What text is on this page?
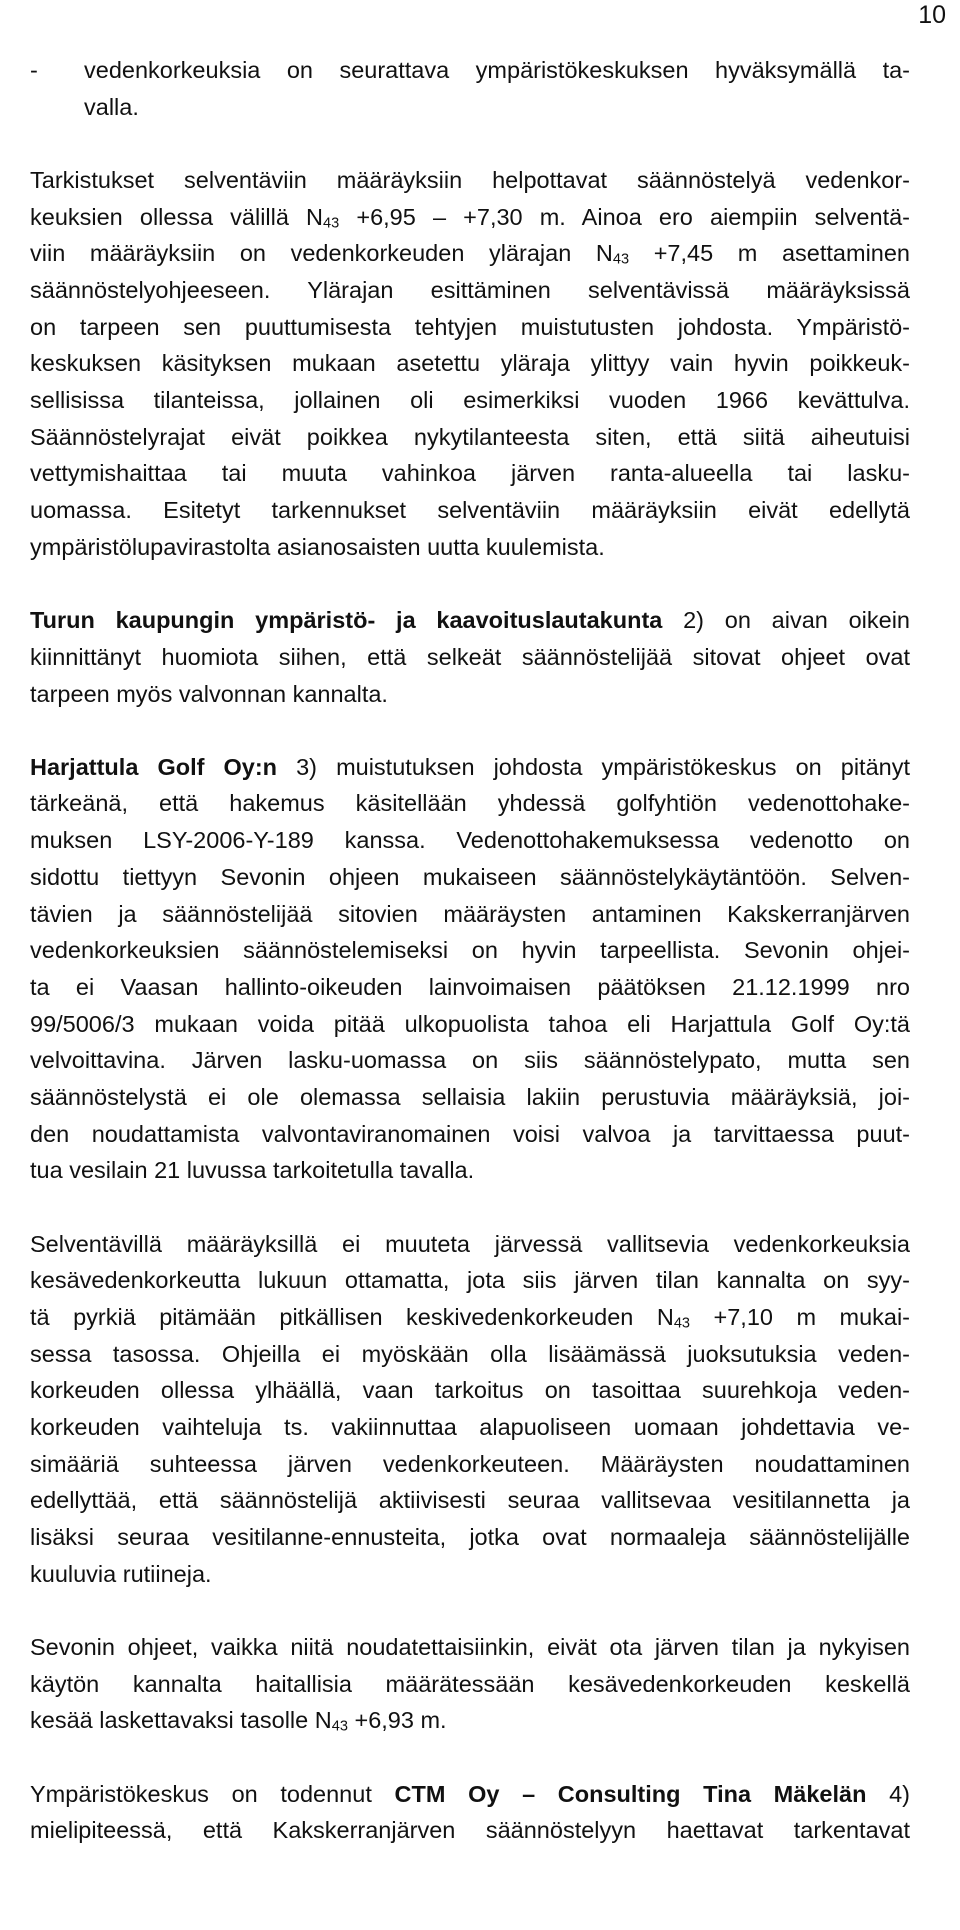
10
-	vedenkorkeuksia on seurattava ympäristökeskuksen hyväksymällä ta-
valla.
Tarkistukset selventäviin määräyksiin helpottavat säännöstelyä vedenkor-
keuksien ollessa välillä $N_{43} +6,95 - +7,30$ m. Ainoa ero aiempiin selventä-
viin määräyksiin on vedenkorkeuden ylärajan $N_{43} +7,45$ m asettaminen
säännöstelyohjeeseen. Ylärajan esittäminen selventävissä määräyksissä
on tarpeen sen puuttumisesta tehtyjen muistutusten johdosta. Ympäristö-
keskuksen käsityksen mukaan asetettu yläraja ylittyy vain hyvin poikkeuk-
sellisissa tilanteissa, jollainen oli esimerkiksi vuoden 1966 kevättulva.
Säännöstelyrajat eivät poikkea nykytilanteesta siten, että siitä aiheutuisi
vettymishaittaa tai muuta vahinkoa järven ranta-alueella tai lasku-
uomassa. Esitetyt tarkennukset selventäviin määräyksiin eivät edellytä
ympäristölupavirastolta asianosaisten uutta kuulemista.
Turun kaupungin ympäristö- ja kaavoituslautakunta 2) on aivan oikein
kiinnittänyt huomiota siihen, että selkeät säännöstelijää sitovat ohjeet ovat
tarpeen myös valvonnan kannalta.
Harjattula Golf Oy:n 3) muistutuksen johdosta ympäristökeskus on pitänyt
tärkeänä, että hakemus käsitellään yhdessä golfyhtiön vedenottohake-
muksen LSY-2006-Y-189 kanssa. Vedenottohakemuksessa vedenotto on
sidottu tiettyyn Sevonin ohjeen mukaiseen säännöstelykäytäntöön. Selven-
tävien ja säännöstelijää sitovien määräysten antaminen Kakskerranjärven
vedenkorkeuksien säännöstelemiseksi on hyvin tarpeellista. Sevonin ohjei-
ta ei Vaasan hallinto-oikeuden lainvoimaisen päätöksen 21.12.1999 nro
99/5006/3 mukaan voida pitää ulkopuolista tahoa eli Harjattula Golf Oy:tä
velvoittavina. Järven lasku-uomassa on siis säännöstelypato, mutta sen
säännöstelystä ei ole olemassa sellaisia lakiin perustuvia määräyksiä, joi-
den noudattamista valvontaviranomainen voisi valvoa ja tarvittaessa puut-
tua vesilain 21 luvussa tarkoitetulla tavalla.
Selventävillä määräyksillä ei muuteta järvessä vallitsevia vedenkorkeuksia
kesävedenkorkeutta lukuun ottamatta, jota siis järven tilan kannalta on syy-
tä pyrkiä pitämään pitkällisen keskivedenkorkeuden $N_{43} +7,10$ m mukai-
sessa tasossa. Ohjeilla ei myöskään olla lisäämässä juoksutuksia veden-
korkeuden ollessa ylhäällä, vaan tarkoitus on tasoittaa suurehkoja veden-
korkeuden vaihteluja ts. vakiinnuttaa alapuoliseen uomaan johdettavia ve-
simääriä suhteessa järven vedenkorkeuteen. Määräysten noudattaminen
edellyttää, että säännöstelijä aktiivisesti seuraa vallitsevaa vesitilannetta ja
lisäksi seuraa vesitilanne-ennusteita, jotka ovat normaaleja säännöstelijälle
kuuluvia rutiineja.
Sevonin ohjeet, vaikka niitä noudatettaisiinkin, eivät ota järven tilan ja nykyisen
käytön kannalta haitallisia määrätessään kesävedenkorkeuden keskellä
kesää laskettavaksi tasolle $N_{43} +6,93$ m.
Ympäristökeskus on todennut CTM Oy – Consulting Tina Mäkelän 4)
mielipiteessä, että Kakskerranjärven säännöstelyyn haettavat tarkentavat
